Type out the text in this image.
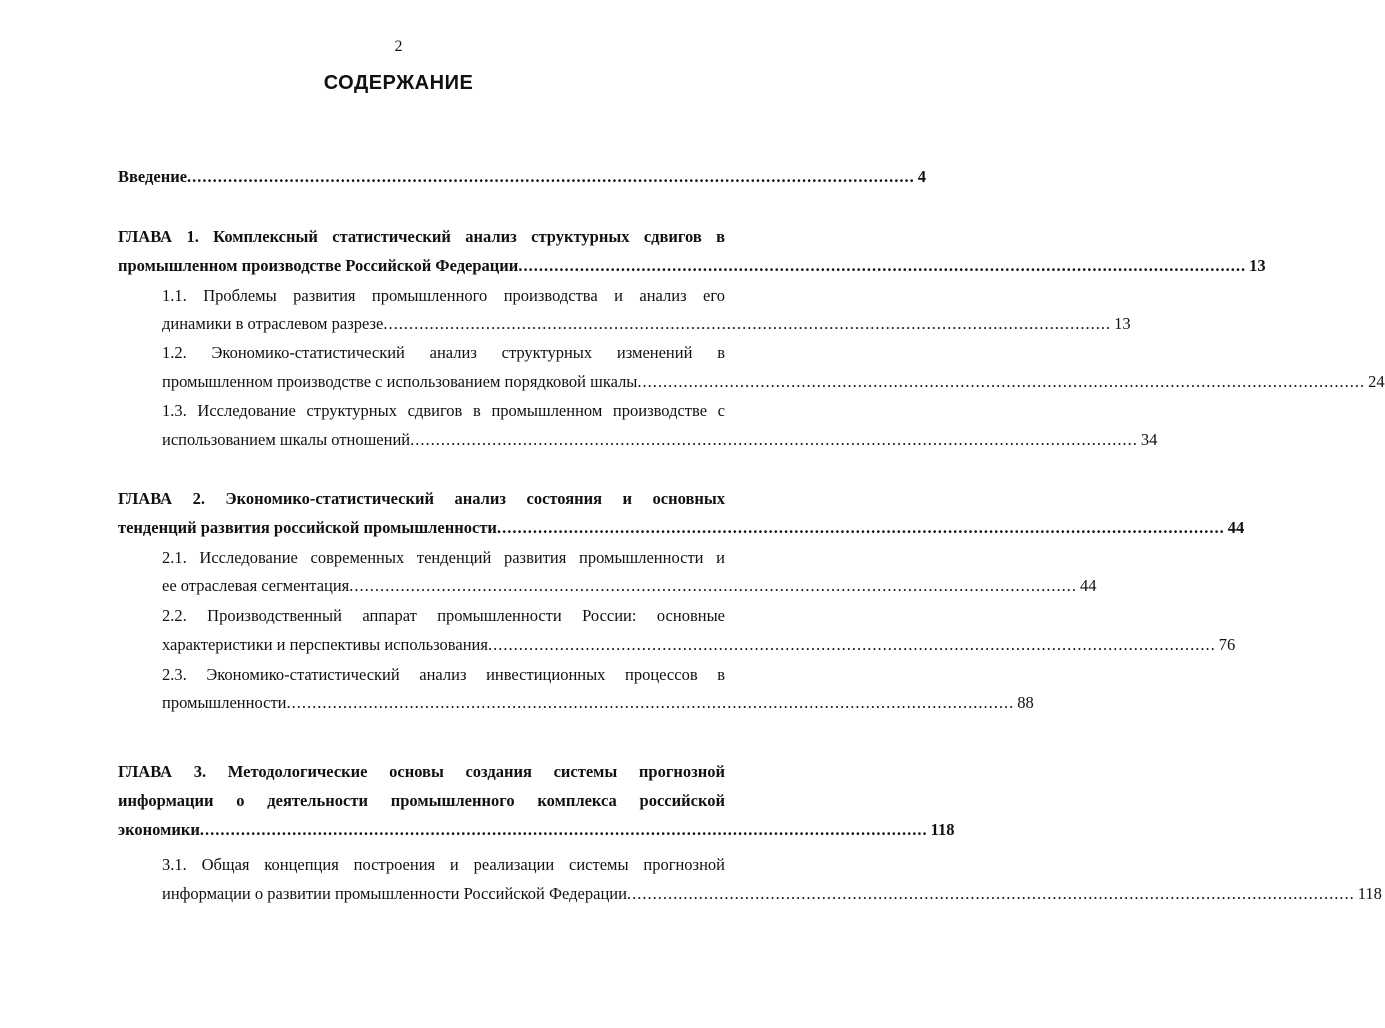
2
СОДЕРЖАНИЕ
Введение .............................................................................................................................................. 4
ГЛАВА 1. Комплексный статистический анализ структурных сдвигов в
промышленном производстве Российской Федерации .............................................................................................................................................. 13
1.1. Проблемы развития промышленного производства и анализ его
динамики в отраслевом разрезе .............................................................................................................................................. 13
1.2. Экономико-статистический анализ структурных изменений в
промышленном производстве с использованием порядковой шкалы .............................................................................................................................................. 24
1.3. Исследование структурных сдвигов в промышленном производстве с
использованием шкалы отношений .............................................................................................................................................. 34
ГЛАВА 2. Экономико-статистический анализ состояния и основных
тенденций развития российской промышленности .............................................................................................................................................. 44
2.1. Исследование современных тенденций развития промышленности и
ее отраслевая сегментация .............................................................................................................................................. 44
2.2. Производственный аппарат промышленности России: основные
характеристики и перспективы использования .............................................................................................................................................. 76
2.3. Экономико-статистический анализ инвестиционных процессов в
промышленности .............................................................................................................................................. 88
ГЛАВА 3. Методологические основы создания системы прогнозной
информации о деятельности промышленного комплекса российской
экономики .............................................................................................................................................. 118
3.1. Общая концепция построения и реализации системы прогнозной
информации о развитии промышленности Российской Федерации .............................................................................................................................................. 118
